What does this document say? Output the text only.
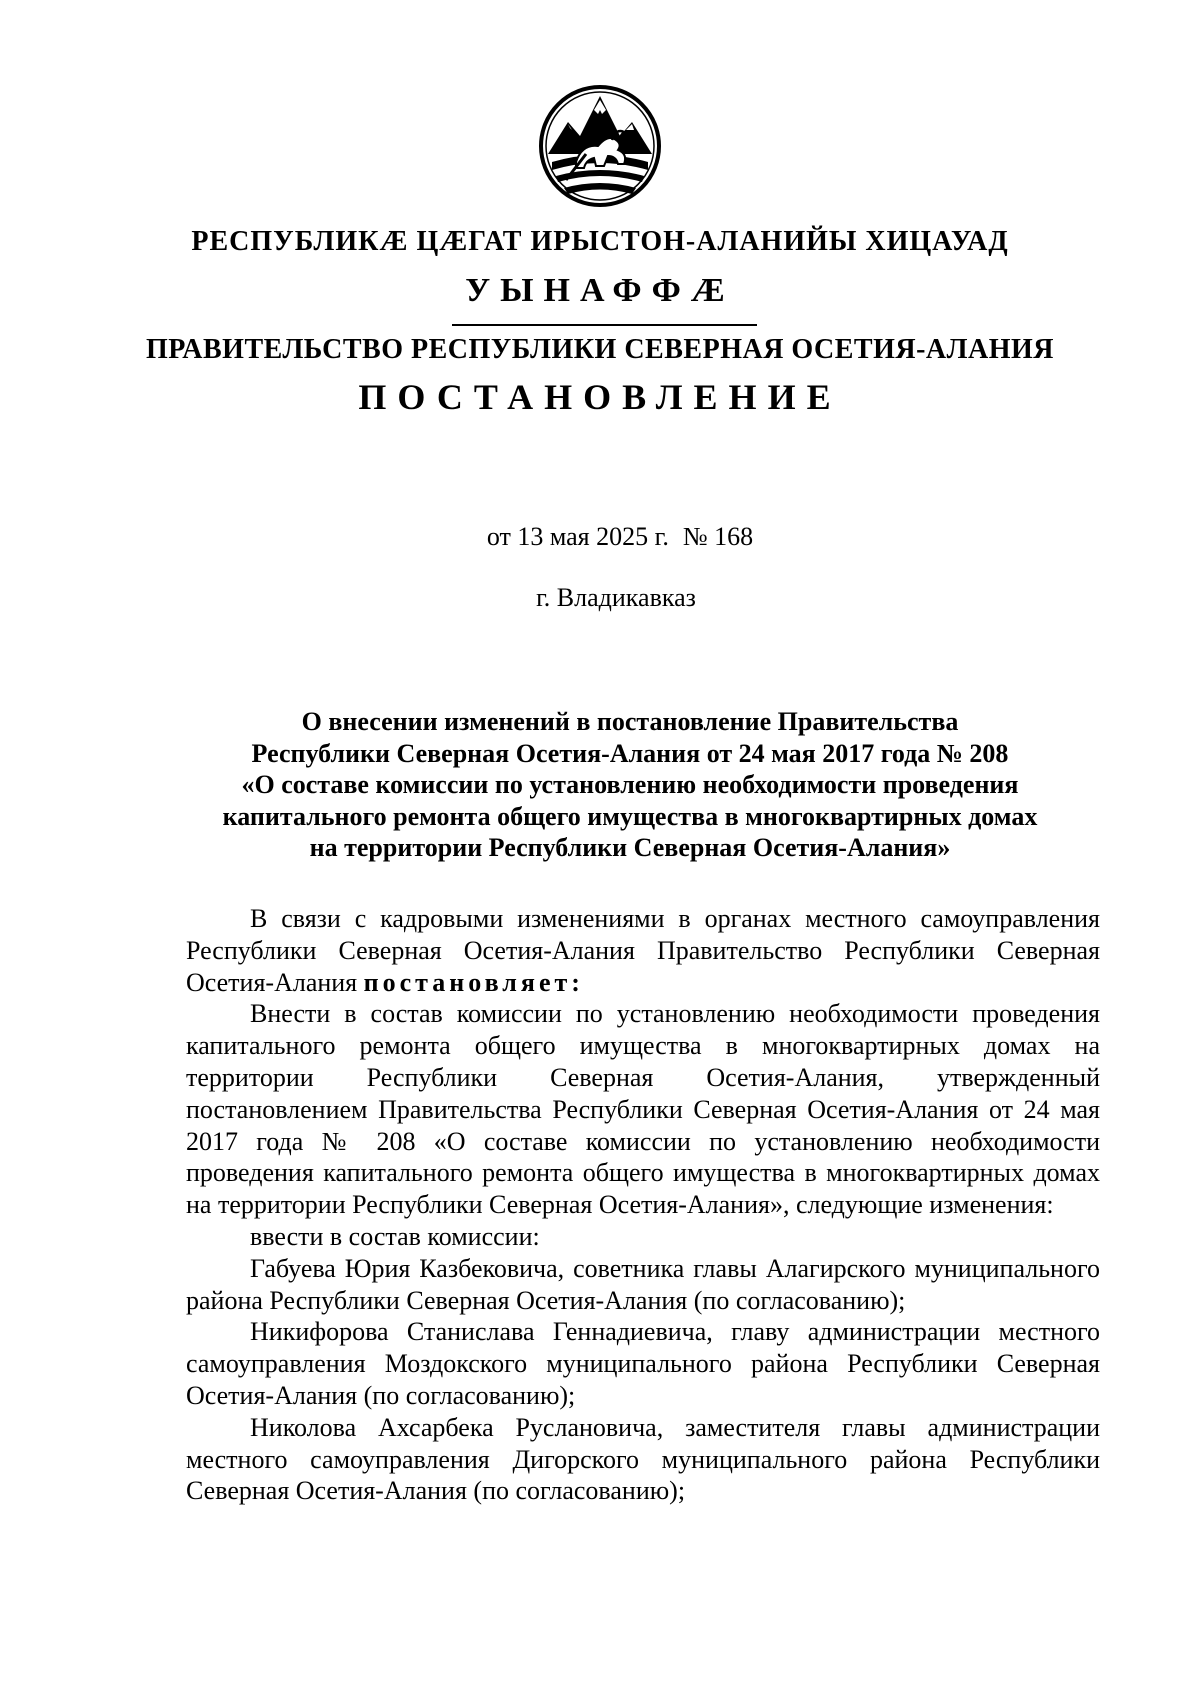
РЕСПУБЛИКӔ ЦӔГАТ ИРЫСТОН-АЛАНИЙЫ ХИЦАУАД
УЫНАФФӔ
ПРАВИТЕЛЬСТВО РЕСПУБЛИКИ СЕВЕРНАЯ ОСЕТИЯ-АЛАНИЯ
ПОСТАНОВЛЕНИЕ
от 13 мая 2025 г. № 168
г. Владикавказ
О внесении изменений в постановление Правительства
Республики Северная Осетия-Алания от 24 мая 2017 года № 208
«О составе комиссии по установлению необходимости проведения
капитального ремонта общего имущества в многоквартирных домах
на территории Республики Северная Осетия-Алания»

В связи с кадровыми изменениями в органах местного самоуправления Республики Северная Осетия-Алания Правительство Республики Северная Осетия-Алания постановляет:

Внести в состав комиссии по установлению необходимости проведения капитального ремонта общего имущества в многоквартирных домах на территории Республики Северная Осетия-Алания, утвержденный постановлением Правительства Республики Северная Осетия-Алания от 24 мая 2017 года № 208 «О составе комиссии по установлению необходимости проведения капитального ремонта общего имущества в многоквартирных домах на территории Республики Северная Осетия-Алания», следующие изменения:

ввести в состав комиссии:

Габуева Юрия Казбековича, советника главы Алагирского муниципального района Республики Северная Осетия-Алания (по согласованию);

Никифорова Станислава Геннадиевича, главу администрации местного самоуправления Моздокского муниципального района Республики Северная Осетия-Алания (по согласованию);

Николова Ахсарбека Руслановича, заместителя главы администрации местного самоуправления Дигорского муниципального района Республики Северная Осетия-Алания (по согласованию);
